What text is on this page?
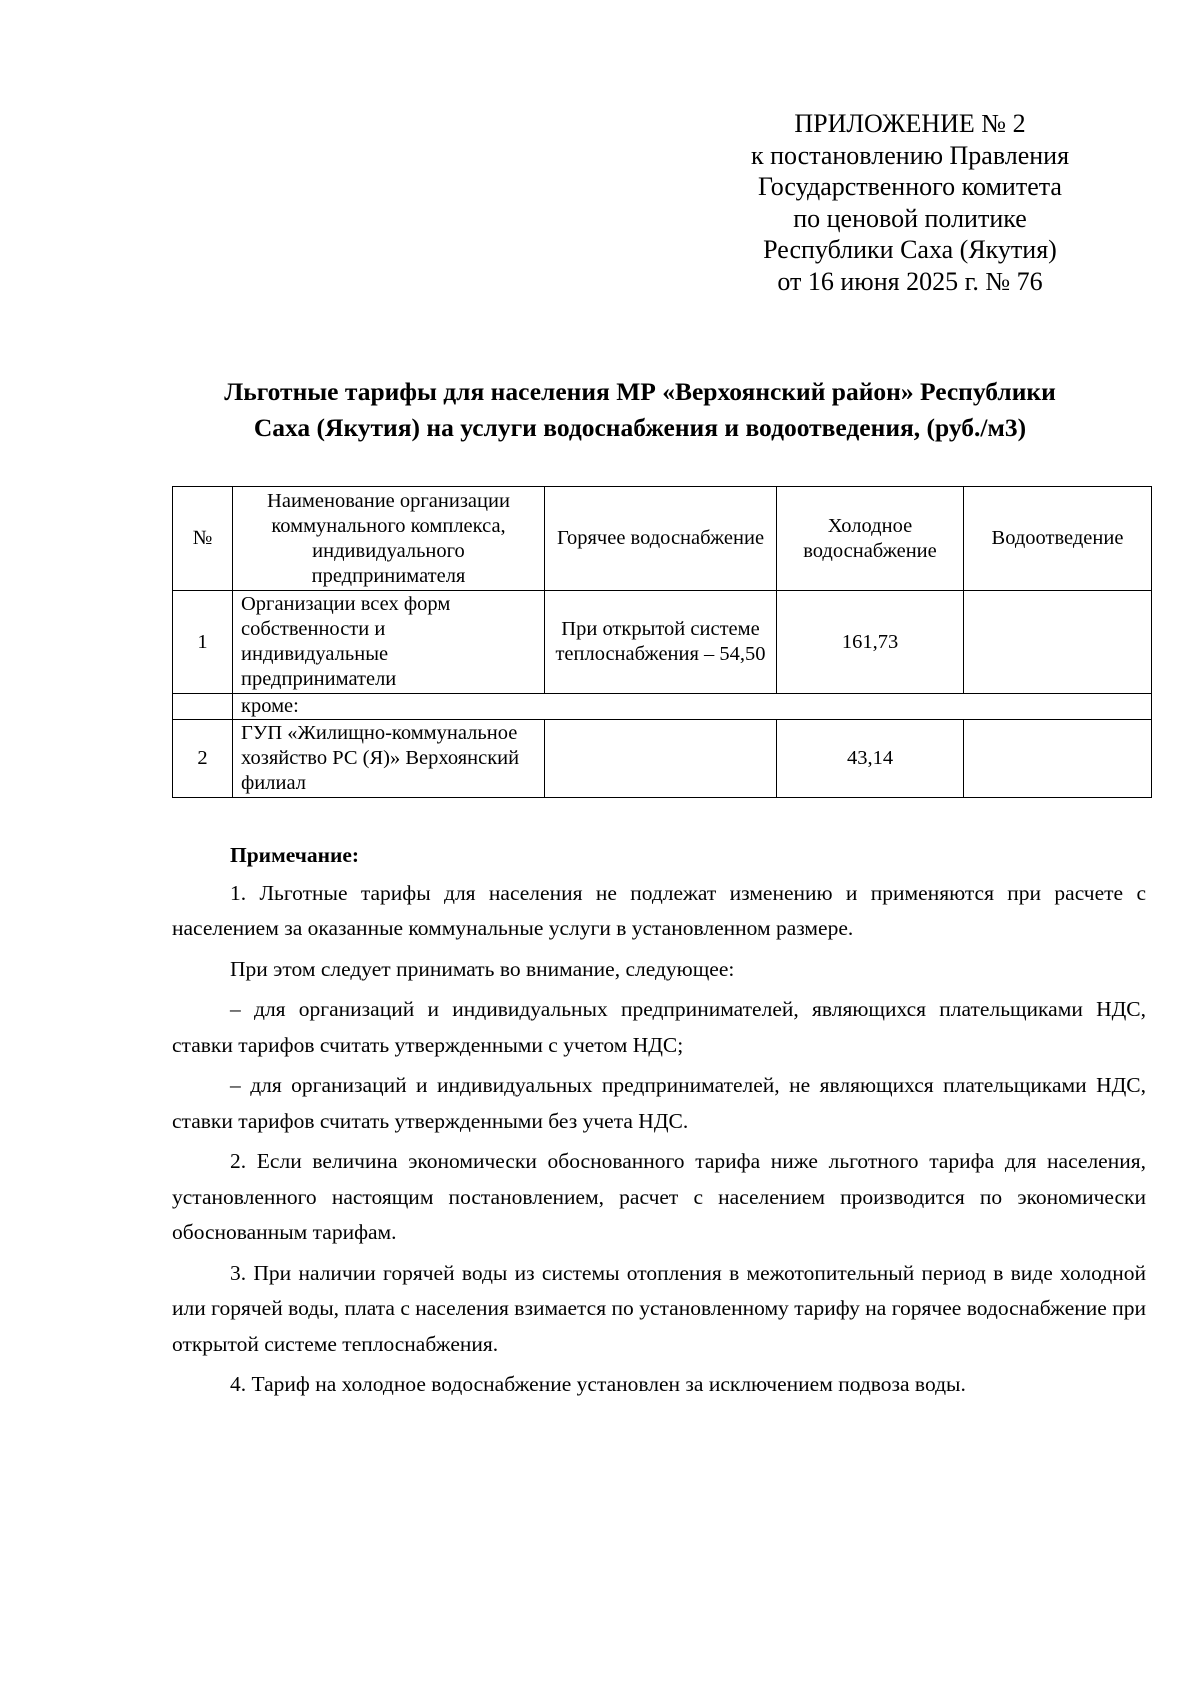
ПРИЛОЖЕНИЕ № 2
к постановлению Правления
Государственного комитета
по ценовой политике
Республики Саха (Якутия)
от 16 июня 2025 г. № 76
Льготные тарифы для населения МР «Верхоянский район» Республики
Саха (Якутия) на услуги водоснабжения и водоотведения, (руб./м3)
№	Наименование организации коммунального комплекса, индивидуального предпринимателя	Горячее водоснабжение	Холодное водоснабжение	Водоотведение
1	Организации всех форм собственности и индивидуальные предприниматели	При открытой системе теплоснабжения – 54,50	161,73	
	кроме:			
2	ГУП «Жилищно-коммунальное хозяйство РС (Я)» Верхоянский филиал		43,14	

Примечание:

1. Льготные тарифы для населения не подлежат изменению и применяются при расчете с населением за оказанные коммунальные услуги в установленном размере.

При этом следует принимать во внимание, следующее:

– для организаций и индивидуальных предпринимателей, являющихся плательщиками НДС, ставки тарифов считать утвержденными с учетом НДС;

– для организаций и индивидуальных предпринимателей, не являющихся плательщиками НДС, ставки тарифов считать утвержденными без учета НДС.

2. Если величина экономически обоснованного тарифа ниже льготного тарифа для населения, установленного настоящим постановлением, расчет с населением производится по экономически обоснованным тарифам.

3. При наличии горячей воды из системы отопления в межотопительный период в виде холодной или горячей воды, плата с населения взимается по установленному тарифу на горячее водоснабжение при открытой системе теплоснабжения.

4. Тариф на холодное водоснабжение установлен за исключением подвоза воды.
